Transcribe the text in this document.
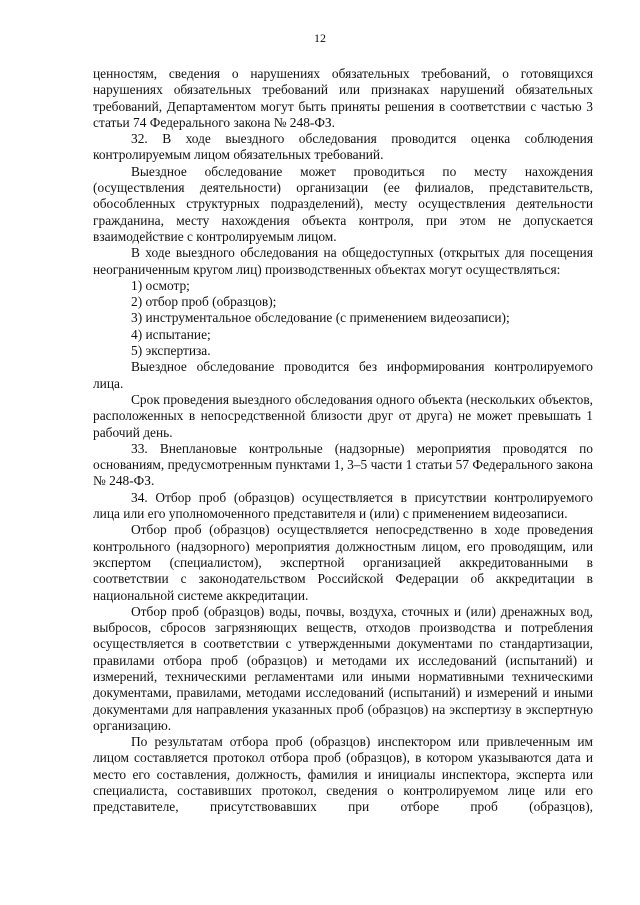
12

ценностям, сведения о нарушениях обязательных требований, о готовящихся нарушениях обязательных требований или признаках нарушений обязательных требований, Департаментом могут быть приняты решения в соответствии с частью 3 статьи 74 Федерального закона № 248-ФЗ.

32. В ходе выездного обследования проводится оценка соблюдения контролируемым лицом обязательных требований.

Выездное обследование может проводиться по месту нахождения (осуществления деятельности) организации (ее филиалов, представительств, обособленных структурных подразделений), месту осуществления деятельности гражданина, месту нахождения объекта контроля, при этом не допускается взаимодействие с контролируемым лицом.

В ходе выездного обследования на общедоступных (открытых для посещения неограниченным кругом лиц) производственных объектах могут осуществляться:

1) осмотр;

2) отбор проб (образцов);

3) инструментальное обследование (с применением видеозаписи);

4) испытание;

5) экспертиза.

Выездное обследование проводится без информирования контролируемого лица.

Срок проведения выездного обследования одного объекта (нескольких объектов, расположенных в непосредственной близости друг от друга) не может превышать 1 рабочий день.

33. Внеплановые контрольные (надзорные) мероприятия проводятся по основаниям, предусмотренным пунктами 1, 3–5 части 1 статьи 57 Федерального закона № 248-ФЗ.

34. Отбор проб (образцов) осуществляется в присутствии контролируемого лица или его уполномоченного представителя и (или) с применением видеозаписи.

Отбор проб (образцов) осуществляется непосредственно в ходе проведения контрольного (надзорного) мероприятия должностным лицом, его проводящим, или экспертом (специалистом), экспертной организацией аккредитованными в соответствии с законодательством Российской Федерации об аккредитации в национальной системе аккредитации.

Отбор проб (образцов) воды, почвы, воздуха, сточных и (или) дренажных вод, выбросов, сбросов загрязняющих веществ, отходов производства и потребления осуществляется в соответствии с утвержденными документами по стандартизации, правилами отбора проб (образцов) и методами их исследований (испытаний) и измерений, техническими регламентами или иными нормативными техническими документами, правилами, методами исследований (испытаний) и измерений и иными документами для направления указанных проб (образцов) на экспертизу в экспертную организацию.

По результатам отбора проб (образцов) инспектором или привлеченным им лицом составляется протокол отбора проб (образцов), в котором указываются дата и место его составления, должность, фамилия и инициалы инспектора, эксперта или специалиста, составивших протокол, сведения о контролируемом лице или его представителе, присутствовавших при отборе проб (образцов),
